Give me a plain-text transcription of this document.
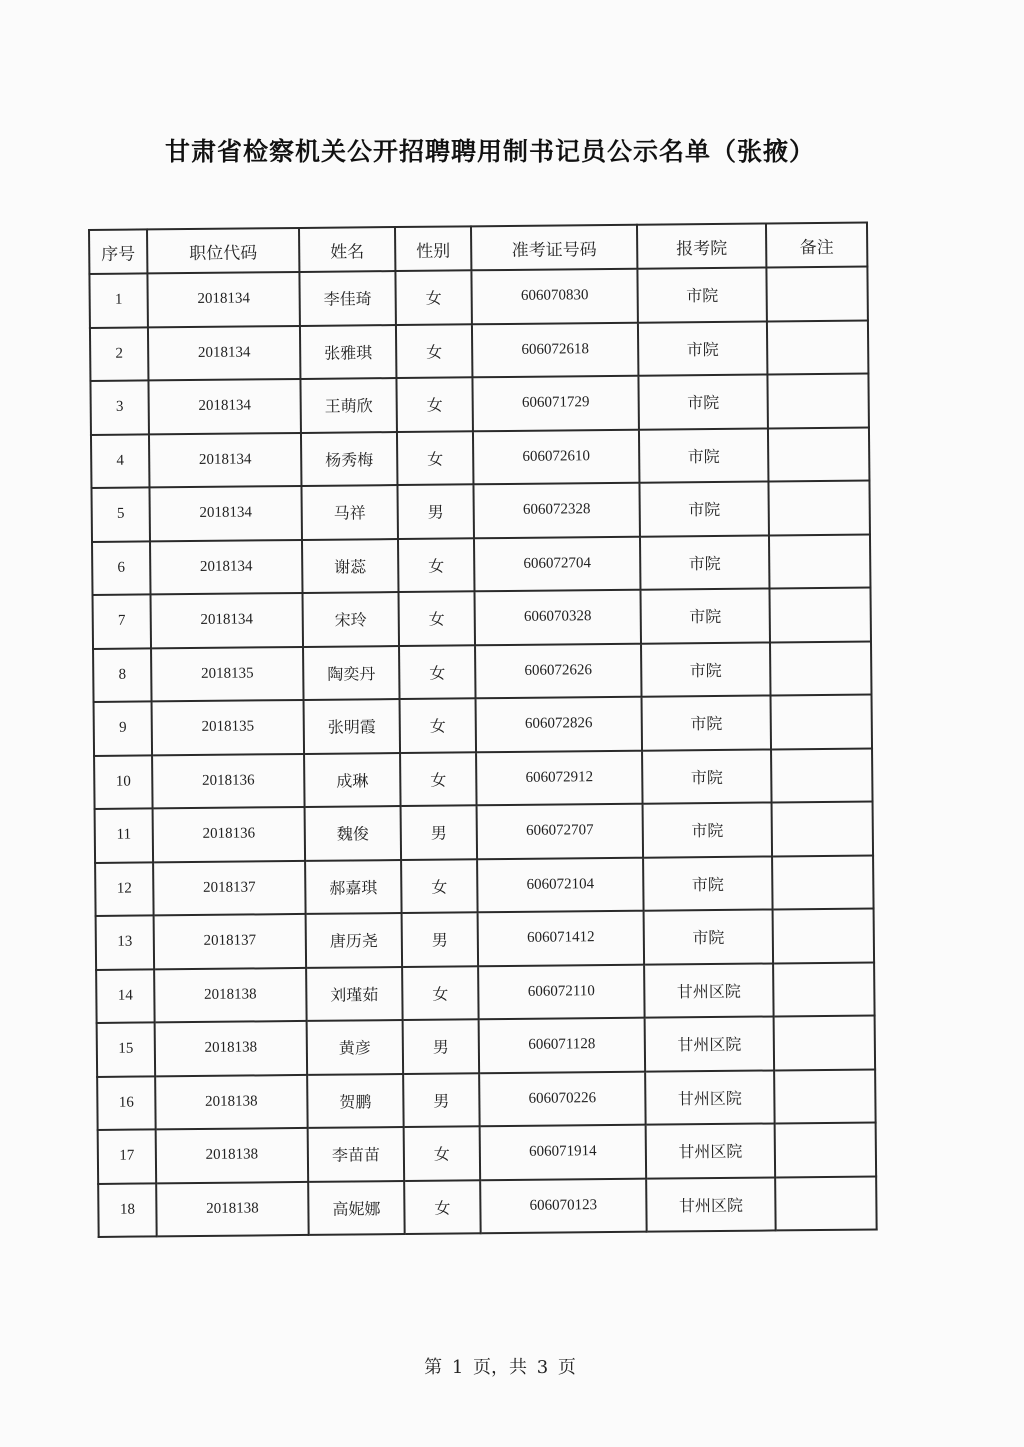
甘肃省检察机关公开招聘聘用制书记员公示名单（张掖）
序号	职位代码	姓名	性别	准考证号码	报考院	备注
1	2018134	李佳琦	女	606070830	市院	
2	2018134	张雅琪	女	606072618	市院	
3	2018134	王萌欣	女	606071729	市院	
4	2018134	杨秀梅	女	606072610	市院	
5	2018134	马祥	男	606072328	市院	
6	2018134	谢蕊	女	606072704	市院	
7	2018134	宋玲	女	606070328	市院	
8	2018135	陶奕丹	女	606072626	市院	
9	2018135	张明霞	女	606072826	市院	
10	2018136	成琳	女	606072912	市院	
11	2018136	魏俊	男	606072707	市院	
12	2018137	郝嘉琪	女	606072104	市院	
13	2018137	唐历尧	男	606071412	市院	
14	2018138	刘瑾茹	女	606072110	甘州区院	
15	2018138	黄彦	男	606071128	甘州区院	
16	2018138	贺鹏	男	606070226	甘州区院	
17	2018138	李苗苗	女	606071914	甘州区院	
18	2018138	高妮娜	女	606070123	甘州区院	
第 1 页，共 3 页
